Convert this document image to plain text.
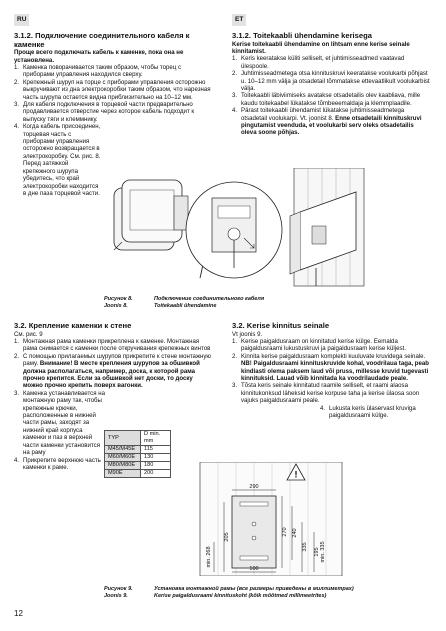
RU	ET
3.1.2. Подключение соединительного кабеля к каменке

Проще всего подключать кабель к каменке, пока она не установлена.

1. Каменка поворачивается таким образом, чтобы торец с приборами управления находился сверху.
2. Крепежный шуруп на торце с приборами управления осторожно выкручивают из дна электрокоробки таким образом, что нарезная часть шурупа остается видна приблизительно на 10–12 мм.
3. Для кабеля подключения в торцевой части предварительно продавливается отверстие через которое кабель подходит к выпуску тяги и клеммнику.
4. Когда кабель присоединен, торцевая часть с приборами управления осторожно возвращается в электрокоробку. См. рис. 8. Перед затяжкой крепежного шурупа убедитесь, что край электрокоробки находится в дне паза торцевой части.
3.1.2. Toitekaabli ühendamine kerisega

Kerise toitekaabli ühendamine on lihtsam enne kerise seinale kinnitamist.

1. Keris keeratakse küliti selliselt, et juhtimisseadmed vaatavad ülespoole.
2. Juhtimisseadmetega otsa kinnituskruvi keeratakse voolukarbi põhjast u. 10–12 mm välja ja otsadetail tõmmatakse ettevaatlikult voolukarbist välja.
3. Toitekaabli läbiviimiseks avatakse otsadetailis olev kaabliava, mille kaudu toitekaabel lükatakse tõmbeeemaldaja ja klemmplaadile.
4. Pärast toitekaabli ühendamist lükatakse juhtimisseadmetega otsadetail voolukarpi. Vt. joonist 8. Enne otsadetaili kinnituskruvi pingutamist veenduda, et voolukarbi serv oleks otsadetailis oleva soone põhjas.
Рисунок 8.	Подключение соединительного кабеля
Joonis 8.	Toitekaabli ühendamine
3.2. Крепление каменки к стене

См. рис. 9

1. Монтажная рама каменки прикреплена к каменке. Монтажная рама снимается с каменки после откручивания крепежных винтов
2. С помощью прилагаемых шурупов прикрепите к стене монтажную раму. Внимание! В месте крепления шурупов за обшивкой должна располагаться, например, доска, к которой рама прочно крепится. Если за обшивкой нет доски, то доску можно прочно крепить поверх вагонки.
3. Каменка устанавливается на монтажную раму так, чтобы крепежные крючки, расположенные в нижней части рамы, заходят за нижний край корпуса каменки и паз в верхней части каменки установится на раму
4. Прикрепите верхнюю часть каменки к раме.
3.2. Kerise kinnitus seinale

Vt joonis 9.

1. Kerise paigaldusraam on kinnitatud kerise külge. Eemalda paigaldusraami lukustuskruvi ja paigaldusraam kerise küljest.
2. Kinnita kerise paigaldusraam komplekti kuuluvate kruvidega seinale. NB! Paigaldusraami kinnituskruvide kohal, voodrilaua taga, peab kindlasti olema paksem laud või pruss, millesse kruvid tugevasti kinnituksid. Lauad võib kinnitada ka voodrilaudade peale.
3. Tõsta keris seinale kinnitatud raamile selliselt, et raami alaosa kinnitukonksud läheksid kerise korpuse taha ja kerise ülaosa soon vajuks paigaldusraami peale.
4. Lukusta keris ülaservast kruviga paigaldusraami külge.
TYP	D min. mm
M45/M45E	115
M60/M60E	130
M80/M80E	180
M90E	200	!
290
270 240
205
335
195
100
min. 268	min. 335
Рисунок 9.	Установка монтажной рамы (все размеры приведены в миллиметрах)
Joonis 9.	Kerise paigaldusraami kinnituskoht (kõik mõõtmed millimeetrites)
12
